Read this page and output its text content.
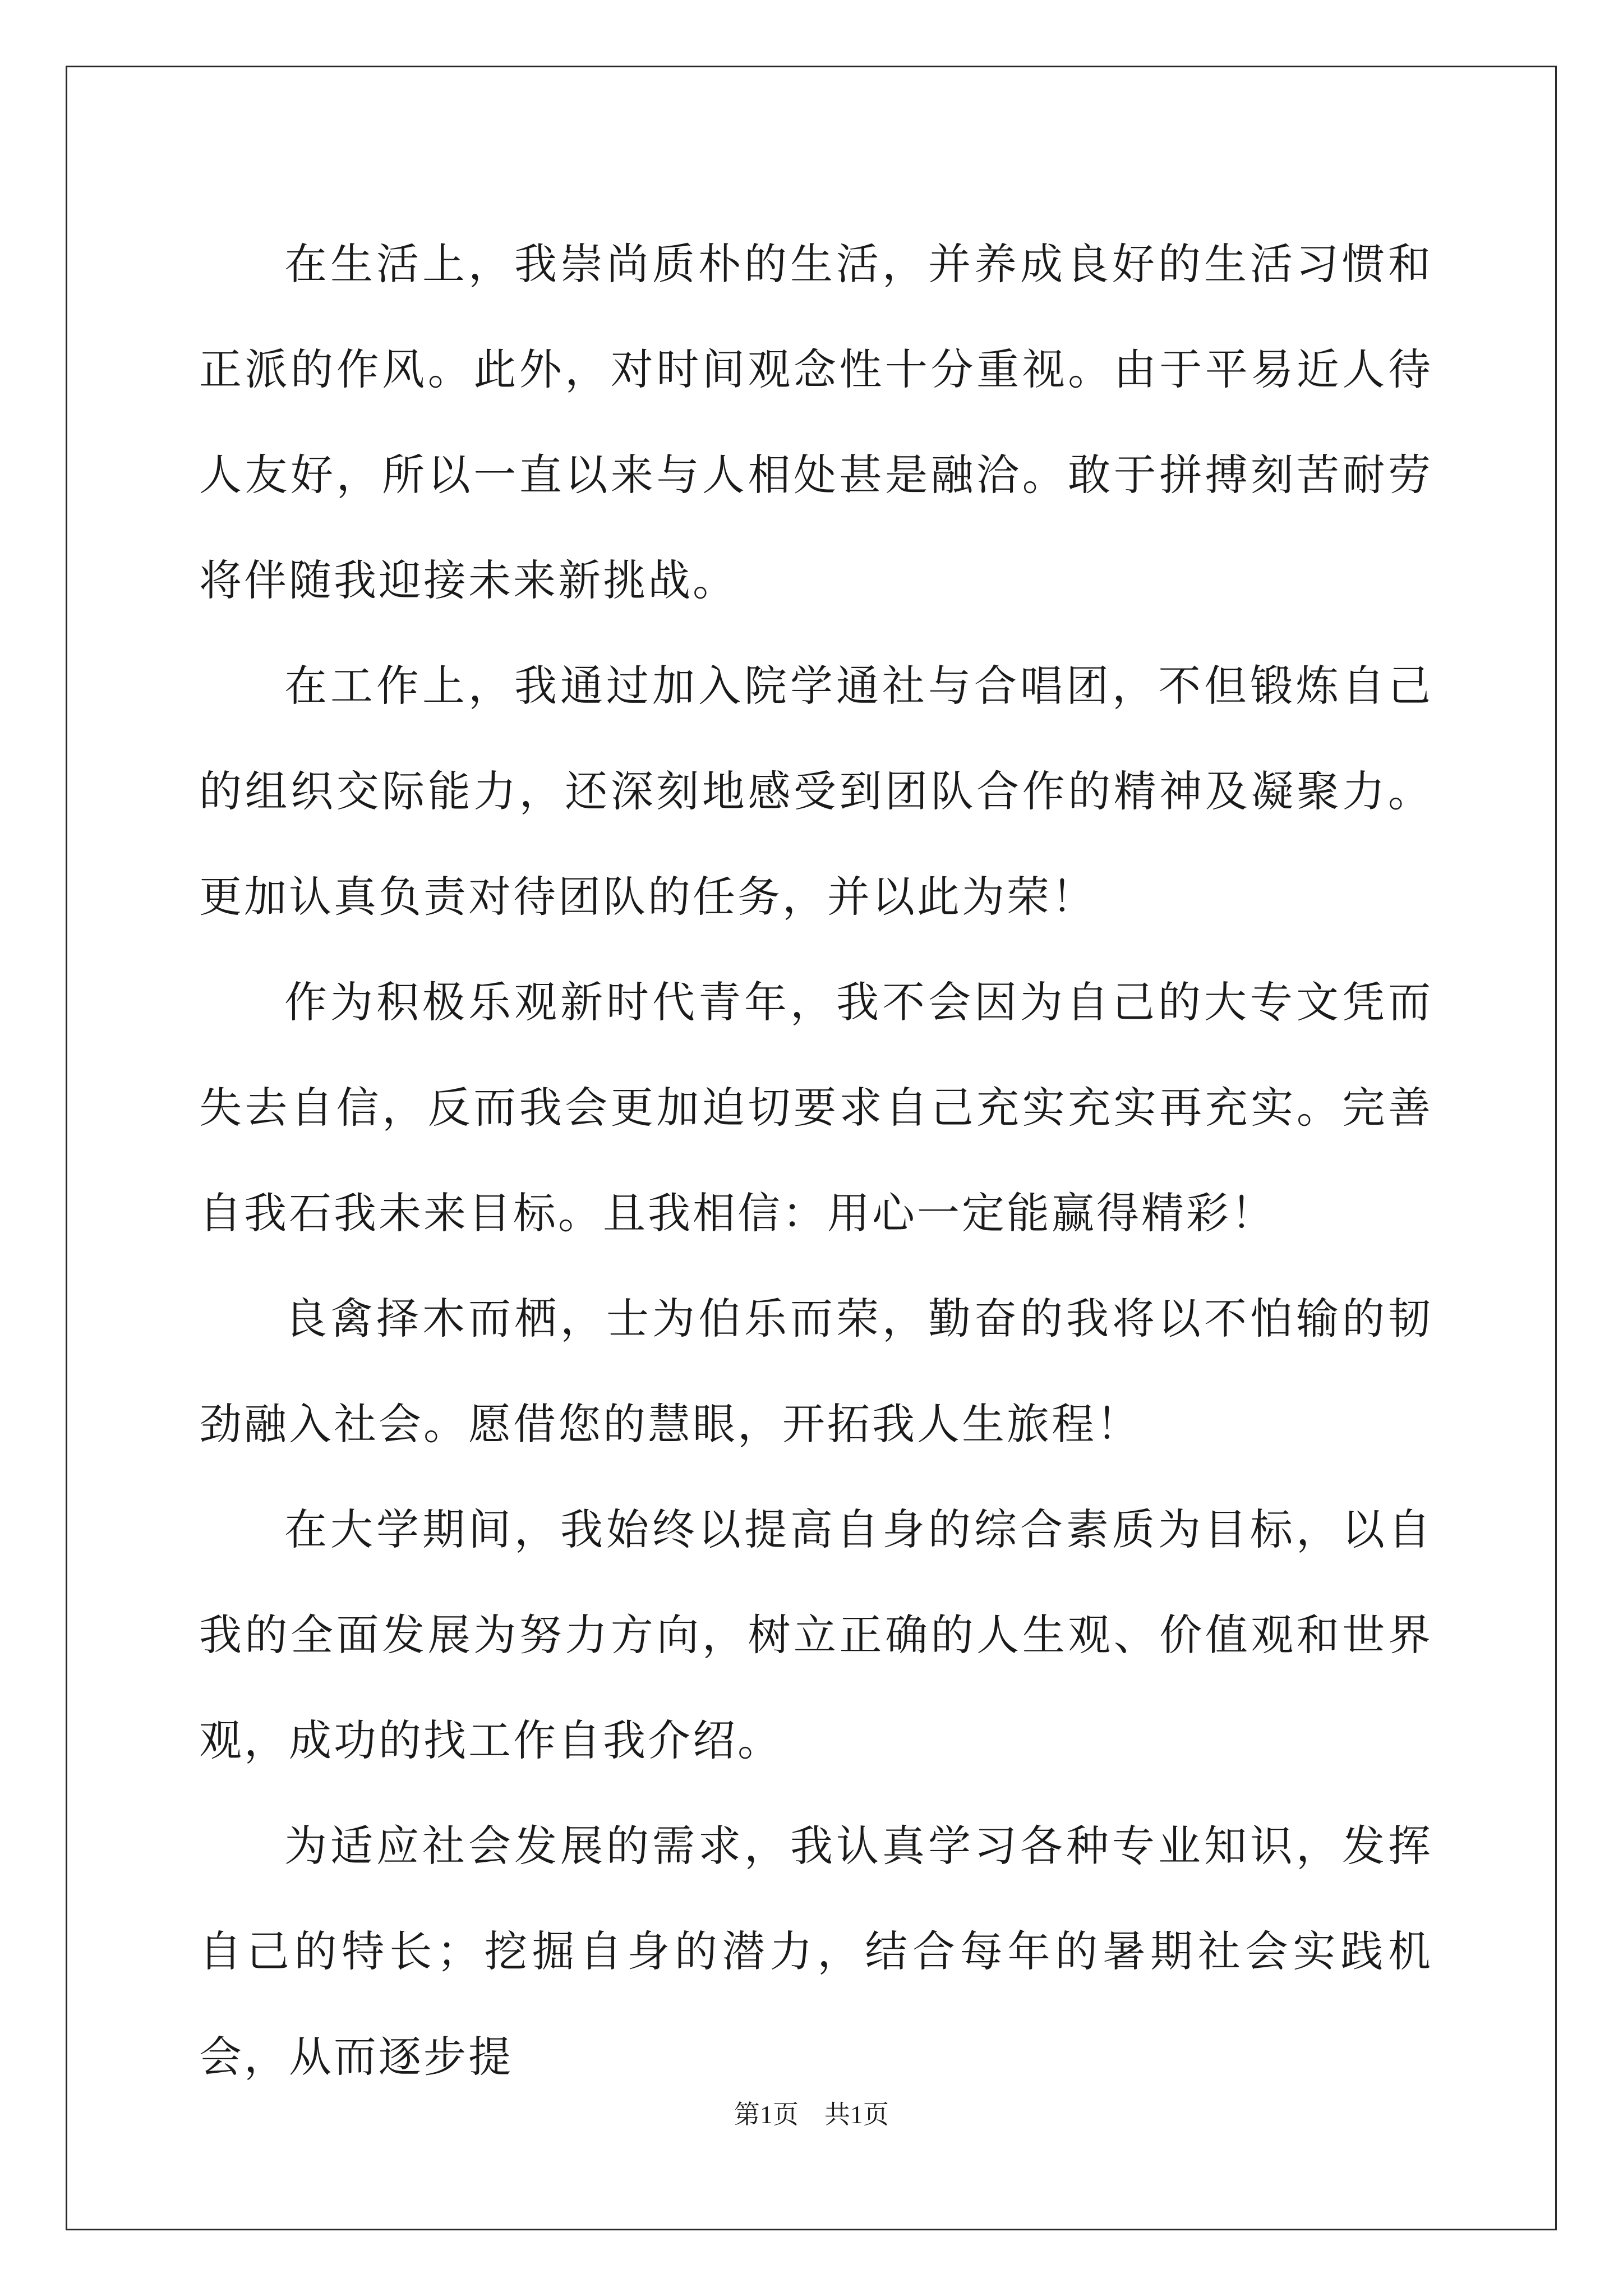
在生活上，我崇尚质朴的生活，并养成良好的生活习惯和正派的作风。此外，对时间观念性十分重视。由于平易近人待人友好，所以一直以来与人相处甚是融洽。敢于拼搏刻苦耐劳将伴随我迎接未来新挑战。

在工作上，我通过加入院学通社与合唱团，不但锻炼自己的组织交际能力，还深刻地感受到团队合作的精神及凝聚力。更加认真负责对待团队的任务，并以此为荣！

作为积极乐观新时代青年，我不会因为自己的大专文凭而失去自信，反而我会更加迫切要求自己充实充实再充实。完善自我石我未来目标。且我相信：用心一定能赢得精彩！

良禽择木而栖，士为伯乐而荣，勤奋的我将以不怕输的韧劲融入社会。愿借您的慧眼，开拓我人生旅程！

在大学期间，我始终以提高自身的综合素质为目标，以自我的全面发展为努力方向，树立正确的人生观、价值观和世界观，成功的找工作自我介绍。

为适应社会发展的需求，我认真学习各种专业知识，发挥自己的特长；挖掘自身的潜力，结合每年的暑期社会实践机会，从而逐步提

第1页 共1页
